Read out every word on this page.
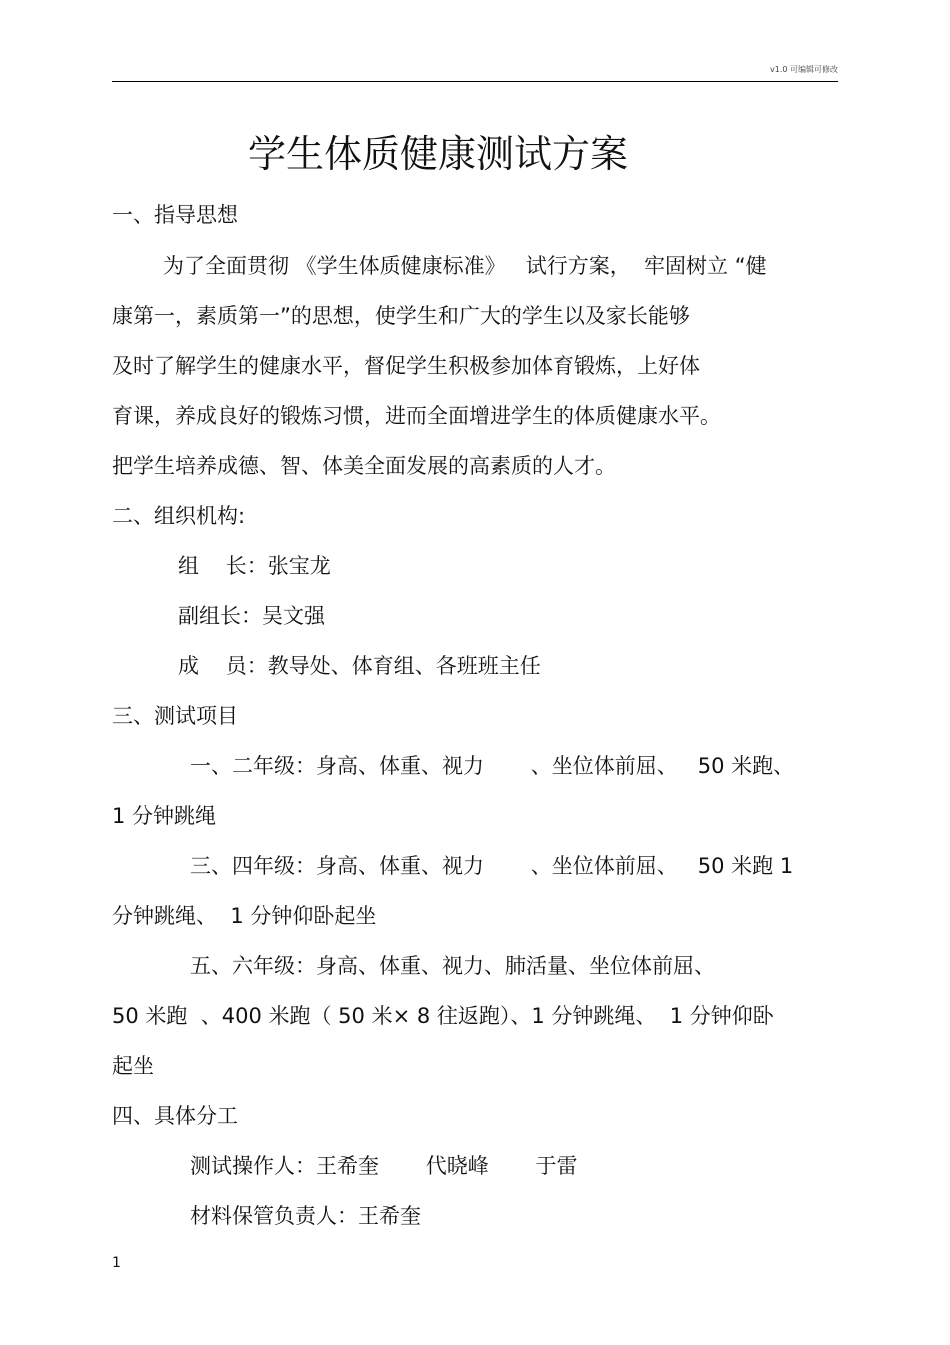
v1.0 可编辑可修改
学生体质健康测试方案
一、指导思想
为了全面贯彻 《学生体质健康标准》   试行方案，  牢固树立 “健
康第一，素质第一”的思想，使学生和广大的学生以及家长能够
及时了解学生的健康水平，督促学生积极参加体育锻炼，上好体
育课，养成良好的锻炼习惯，进而全面增进学生的体质健康水平。
把学生培养成德、智、体美全面发展的高素质的人才。
二、组织机构:
组    长：张宝龙
副组长：吴文强
成    员：教导处、体育组、各班班主任
三、测试项目
一、二年级：身高、体重、视力       、坐位体前屈、   50 米跑、
1 分钟跳绳
三、四年级：身高、体重、视力       、坐位体前屈、   50 米跑 1
分钟跳绳、  1 分钟仰卧起坐
五、六年级：身高、体重、视力、肺活量、坐位体前屈、
50 米跑  、400 米跑（ 50 米× 8 往返跑）、1 分钟跳绳、  1 分钟仰卧
起坐
四、具体分工
测试操作人：王希奎       代晓峰       于雷
材料保管负责人：王希奎
1
